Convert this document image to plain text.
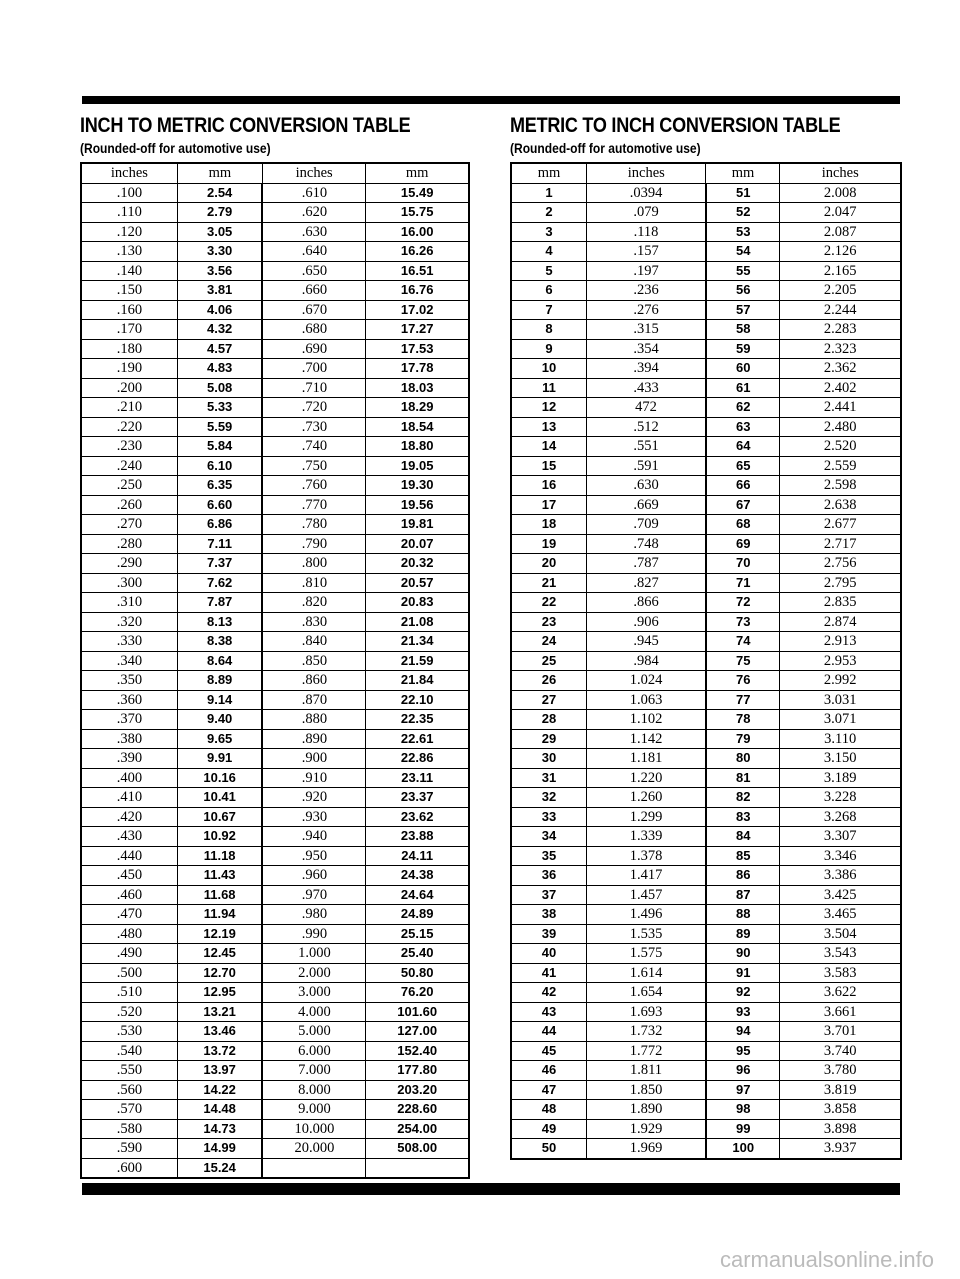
INCH TO METRIC CONVERSION TABLE
(Rounded-off for automotive use)
inches	mm	inches	mm
.100	2.54	.610	15.49
.110	2.79	.620	15.75
.120	3.05	.630	16.00
.130	3.30	.640	16.26
.140	3.56	.650	16.51
.150	3.81	.660	16.76
.160	4.06	.670	17.02
.170	4.32	.680	17.27
.180	4.57	.690	17.53
.190	4.83	.700	17.78
.200	5.08	.710	18.03
.210	5.33	.720	18.29
.220	5.59	.730	18.54
.230	5.84	.740	18.80
.240	6.10	.750	19.05
.250	6.35	.760	19.30
.260	6.60	.770	19.56
.270	6.86	.780	19.81
.280	7.11	.790	20.07
.290	7.37	.800	20.32
.300	7.62	.810	20.57
.310	7.87	.820	20.83
.320	8.13	.830	21.08
.330	8.38	.840	21.34
.340	8.64	.850	21.59
.350	8.89	.860	21.84
.360	9.14	.870	22.10
.370	9.40	.880	22.35
.380	9.65	.890	22.61
.390	9.91	.900	22.86
.400	10.16	.910	23.11
.410	10.41	.920	23.37
.420	10.67	.930	23.62
.430	10.92	.940	23.88
.440	11.18	.950	24.11
.450	11.43	.960	24.38
.460	11.68	.970	24.64
.470	11.94	.980	24.89
.480	12.19	.990	25.15
.490	12.45	1.000	25.40
.500	12.70	2.000	50.80
.510	12.95	3.000	76.20
.520	13.21	4.000	101.60
.530	13.46	5.000	127.00
.540	13.72	6.000	152.40
.550	13.97	7.000	177.80
.560	14.22	8.000	203.20
.570	14.48	9.000	228.60
.580	14.73	10.000	254.00
.590	14.99	20.000	508.00
.600	15.24		
METRIC TO INCH CONVERSION TABLE
(Rounded-off for automotive use)
mm	inches	mm	inches
1	.0394	51	2.008
2	.079	52	2.047
3	.118	53	2.087
4	.157	54	2.126
5	.197	55	2.165
6	.236	56	2.205
7	.276	57	2.244
8	.315	58	2.283
9	.354	59	2.323
10	.394	60	2.362
11	.433	61	2.402
12	472	62	2.441
13	.512	63	2.480
14	.551	64	2.520
15	.591	65	2.559
16	.630	66	2.598
17	.669	67	2.638
18	.709	68	2.677
19	.748	69	2.717
20	.787	70	2.756
21	.827	71	2.795
22	.866	72	2.835
23	.906	73	2.874
24	.945	74	2.913
25	.984	75	2.953
26	1.024	76	2.992
27	1.063	77	3.031
28	1.102	78	3.071
29	1.142	79	3.110
30	1.181	80	3.150
31	1.220	81	3.189
32	1.260	82	3.228
33	1.299	83	3.268
34	1.339	84	3.307
35	1.378	85	3.346
36	1.417	86	3.386
37	1.457	87	3.425
38	1.496	88	3.465
39	1.535	89	3.504
40	1.575	90	3.543
41	1.614	91	3.583
42	1.654	92	3.622
43	1.693	93	3.661
44	1.732	94	3.701
45	1.772	95	3.740
46	1.811	96	3.780
47	1.850	97	3.819
48	1.890	98	3.858
49	1.929	99	3.898
50	1.969	100	3.937
carmanualsonline.info
